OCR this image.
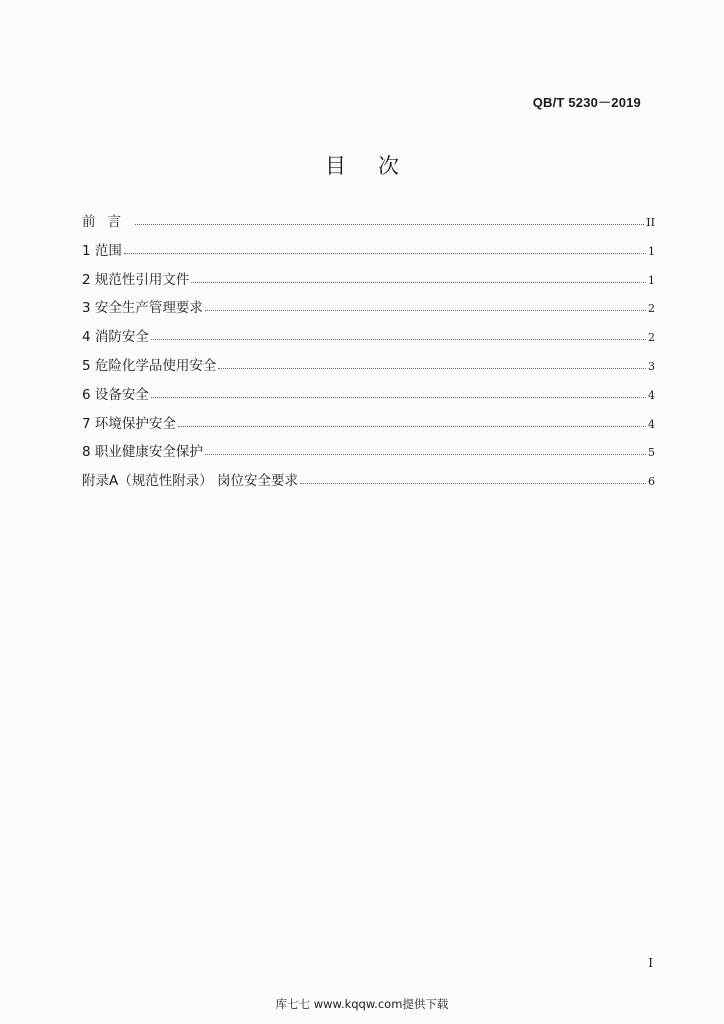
QB/T 5230－2019
目次
前言	II
1 范围	1
2 规范性引用文件	1
3 安全生产管理要求	2
4 消防安全	2
5 危险化学品使用安全	3
6 设备安全	4
7 环境保护安全	4
8 职业健康安全保护	5
附录A（规范性附录） 岗位安全要求	6
I
库七七 www.kqqw.com提供下载
